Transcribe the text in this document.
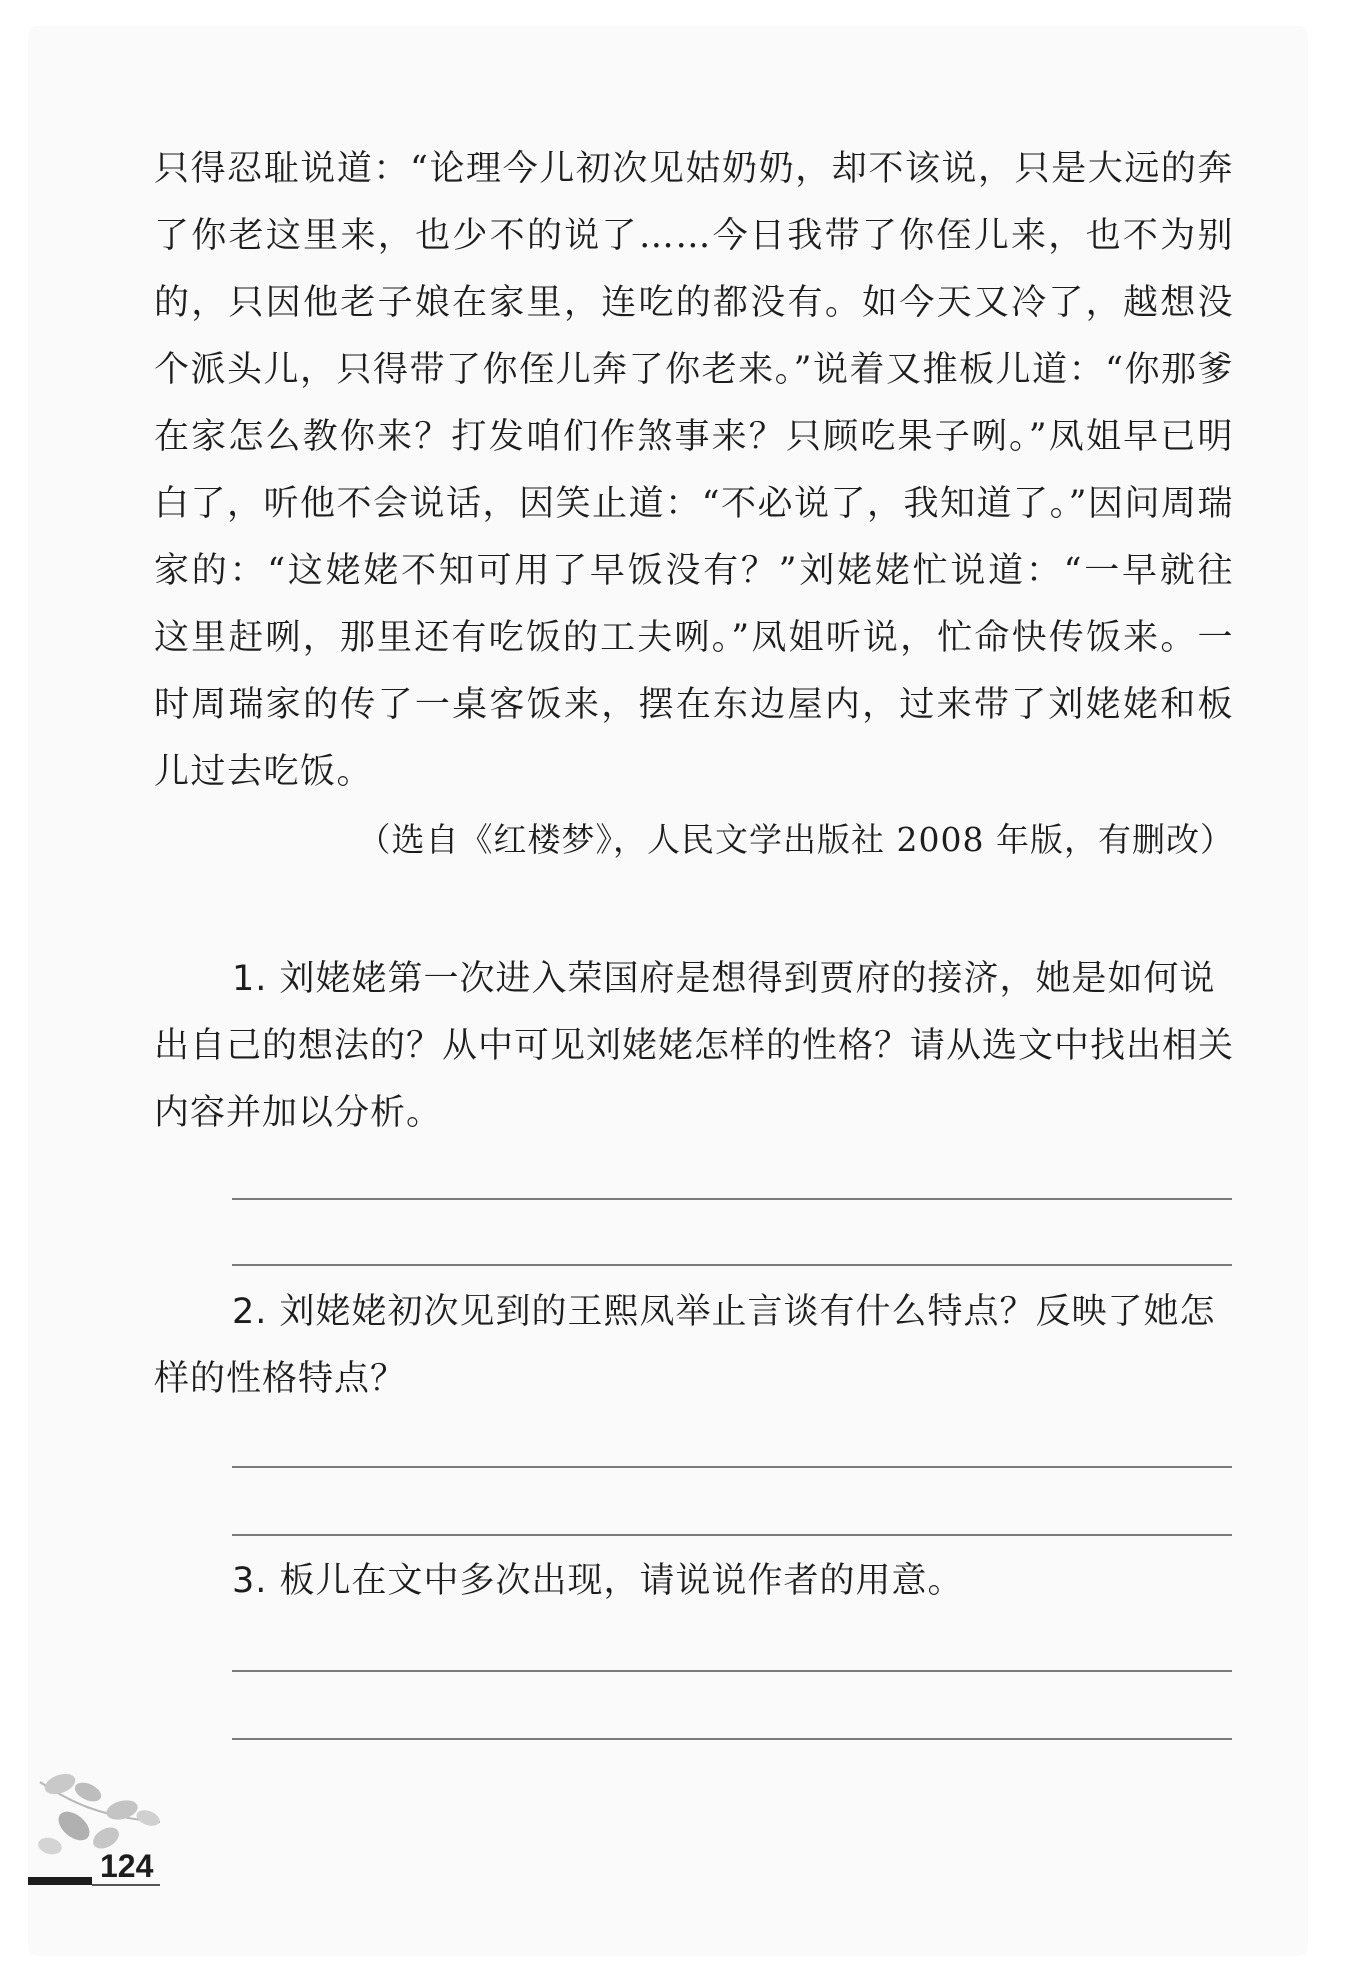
只得忍耻说道：“论理今儿初次见姑奶奶，却不该说，只是大远的奔了你老这里来，也少不的说了……今日我带了你侄儿来，也不为别的，只因他老子娘在家里，连吃的都没有。如今天又冷了，越想没个派头儿，只得带了你侄儿奔了你老来。”说着又推板儿道：“你那爹在家怎么教你来？打发咱们作煞事来？只顾吃果子咧。”凤姐早已明白了，听他不会说话，因笑止道：“不必说了，我知道了。”因问周瑞家的：“这姥姥不知可用了早饭没有？”刘姥姥忙说道：“一早就往这里赶咧，那里还有吃饭的工夫咧。”凤姐听说，忙命快传饭来。一时周瑞家的传了一桌客饭来，摆在东边屋内，过来带了刘姥姥和板儿过去吃饭。

（选自《红楼梦》，人民文学出版社 2008 年版，有删改）

1. 刘姥姥第一次进入荣国府是想得到贾府的接济，她是如何说出自己的想法的？从中可见刘姥姥怎样的性格？请从选文中找出相关内容并加以分析。

2. 刘姥姥初次见到的王熙凤举止言谈有什么特点？反映了她怎样的性格特点？

3. 板儿在文中多次出现，请说说作者的用意。

124
